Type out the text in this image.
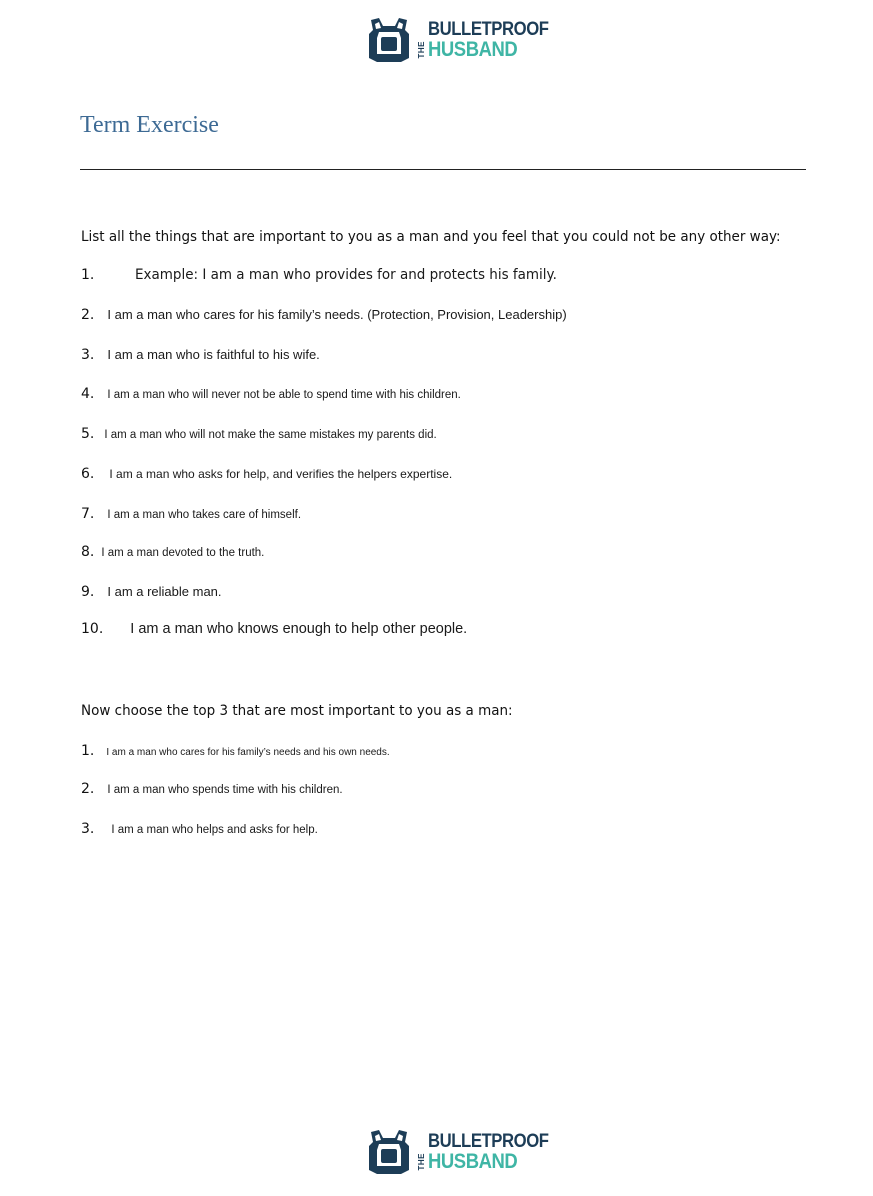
THE
BULLETPROOF
HUSBAND
Term Exercise
List all the things that are important to you as a man and you feel that you could not be any other way:
1.	Example: I am a man who provides for and protects his family.
2. I am a man who cares for his family’s needs. (Protection, Provision, Leadership)
3. I am a man who is faithful to his wife.
4. I am a man who will never not be able to spend time with his children.
5. I am a man who will not make the same mistakes my parents did.
6. I am a man who asks for help, and verifies the helpers expertise.
7. I am a man who takes care of himself.
8. I am a man devoted to the truth.
9. I am a reliable man.
10. I am a man who knows enough to help other people.
Now choose the top 3 that are most important to you as a man:
1. I am a man who cares for his family’s needs and his own needs.
2. I am a man who spends time with his children.
3. I am a man who helps and asks for help.
THE
BULLETPROOF
HUSBAND
